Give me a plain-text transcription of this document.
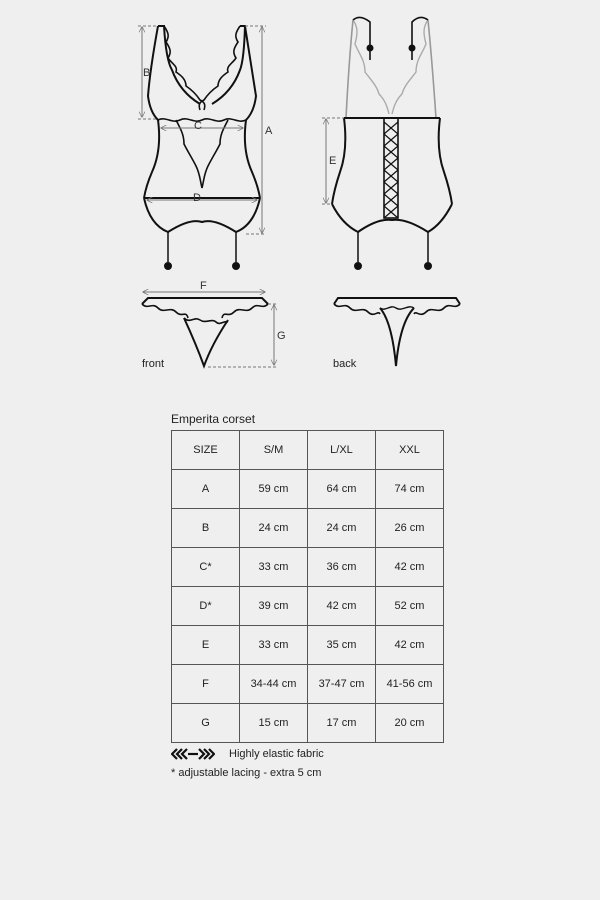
A
B
C
D
E
F
G
front	back
Emperita corset
SIZE	S/M	L/XL	XXL
A	59 cm	64 cm	74 cm
B	24 cm	24 cm	26 cm
C*	33 cm	36 cm	42 cm
D*	39 cm	42 cm	52 cm
E	33 cm	35 cm	42 cm
F	34-44 cm	37-47 cm	41-56 cm
G	15 cm	17 cm	20 cm
Highly elastic fabric
* adjustable lacing - extra 5 cm
